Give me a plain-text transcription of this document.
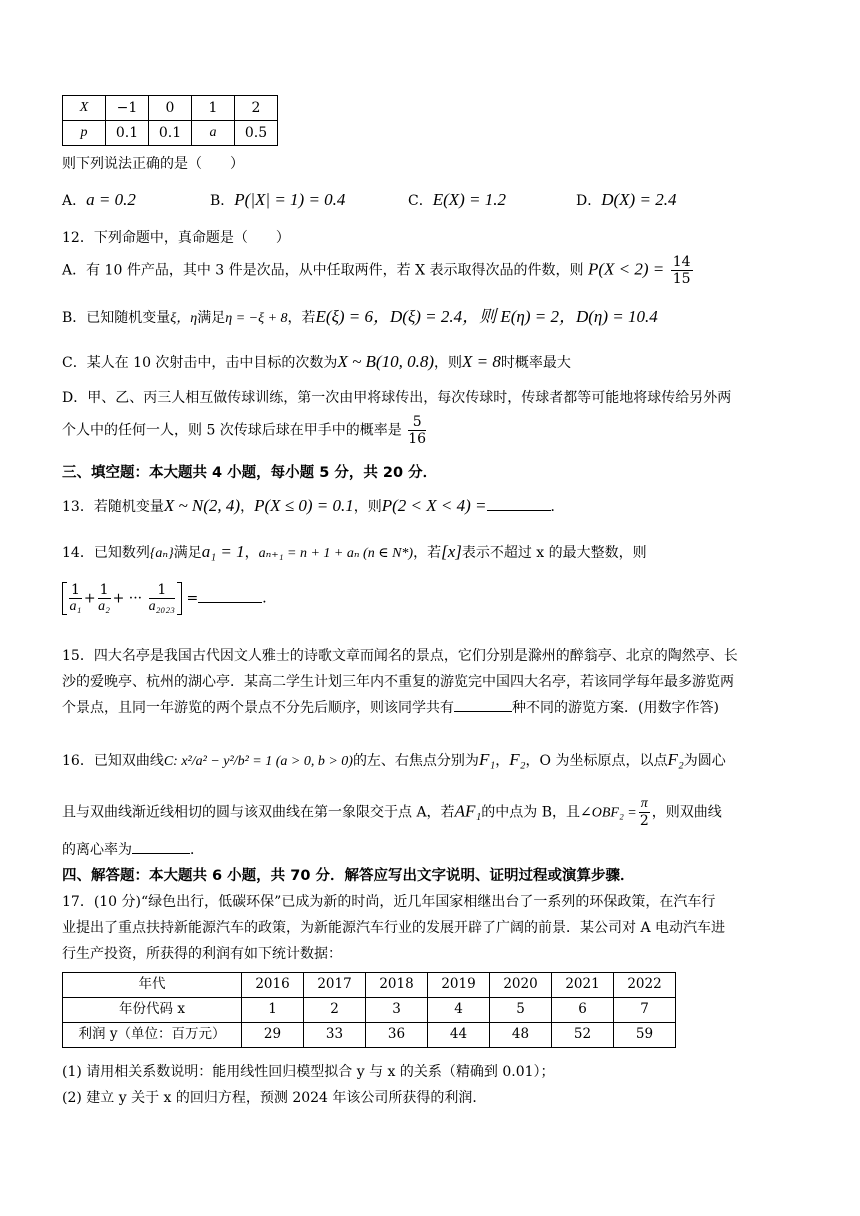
X	−1	0	1	2
p	0.1	0.1	a	0.5
则下列说法正确的是（　　）
A．a = 0.2	B．P(|X| = 1) = 0.4	C．E(X) = 1.2	D．D(X) = 2.4
12．下列命题中，真命题是（　　）
A．有 10 件产品，其中 3 件是次品，从中任取两件，若 X 表示取得次品的件数，则 $P(X < 2) = \frac{14}{15}$
B．已知随机变量ξ，η满足η = −ξ + 8，若E(ξ) = 6，D(ξ) = 2.4，则 E(η) = 2，D(η) = 10.4
C．某人在 10 次射击中，击中目标的次数为X ~ B(10, 0.8)，则X = 8时概率最大
D．甲、乙、丙三人相互做传球训练，第一次由甲将球传出，每次传球时，传球者都等可能地将球传给另外两
个人中的任何一人，则 5 次传球后球在甲手中的概率是 $\frac{5}{16}$
三、填空题：本大题共 4 小题，每小题 5 分，共 20 分．
13．若随机变量X ~ N(2, 4)，P(X ≤ 0) = 0.1，则P(2 < X < 4) =	．
14．已知数列{aₙ}满足a₁ = 1，aₙ₊₁ = n + 1 + aₙ (n ∈ N*)，若[x]表示不超过 x 的最大整数，则
$\frac{1}{\text{a₁}} + \frac{1}{\text{a₂}}$ + ··· $\frac{1}{\text{a₂₀₂₃}}$ =	．
15．四大名亭是我国古代因文人雅士的诗歌文章而闻名的景点，它们分别是滁州的醉翁亭、北京的陶然亭、长
沙的爱晚亭、杭州的湖心亭．某高二学生计划三年内不重复的游览完中国四大名亭，若该同学每年最多游览两
个景点，且同一年游览的两个景点不分先后顺序，则该同学共有	种不同的游览方案．(用数字作答)
16．已知双曲线C: x²/a² − y²/b² = 1 (a > 0, b > 0)的左、右焦点分别为F₁，F₂，O 为坐标原点，以点F₂为圆心
且与双曲线渐近线相切的圆与该双曲线在第一象限交于点 A，若AF₁的中点为 B，且∠OBF₂ = $\frac{\pi}{2}$ ，则双曲线
的离心率为	．
四、解答题：本大题共 6 小题，共 70 分．解答应写出文字说明、证明过程或演算步骤．
17．(10 分)“绿色出行，低碳环保”已成为新的时尚，近几年国家相继出台了一系列的环保政策，在汽车行
业提出了重点扶持新能源汽车的政策，为新能源汽车行业的发展开辟了广阔的前景．某公司对 A 电动汽车进
行生产投资，所获得的利润有如下统计数据：
年代	2016	2017	2018	2019	2020	2021	2022
年份代码 x	1	2	3	4	5	6	7
利润 y（单位：百万元）	29	33	36	44	48	52	59
(1) 请用相关系数说明：能用线性回归模型拟合 y 与 x 的关系（精确到 0.01）；
(2) 建立 y 关于 x 的回归方程，预测 2024 年该公司所获得的利润．
